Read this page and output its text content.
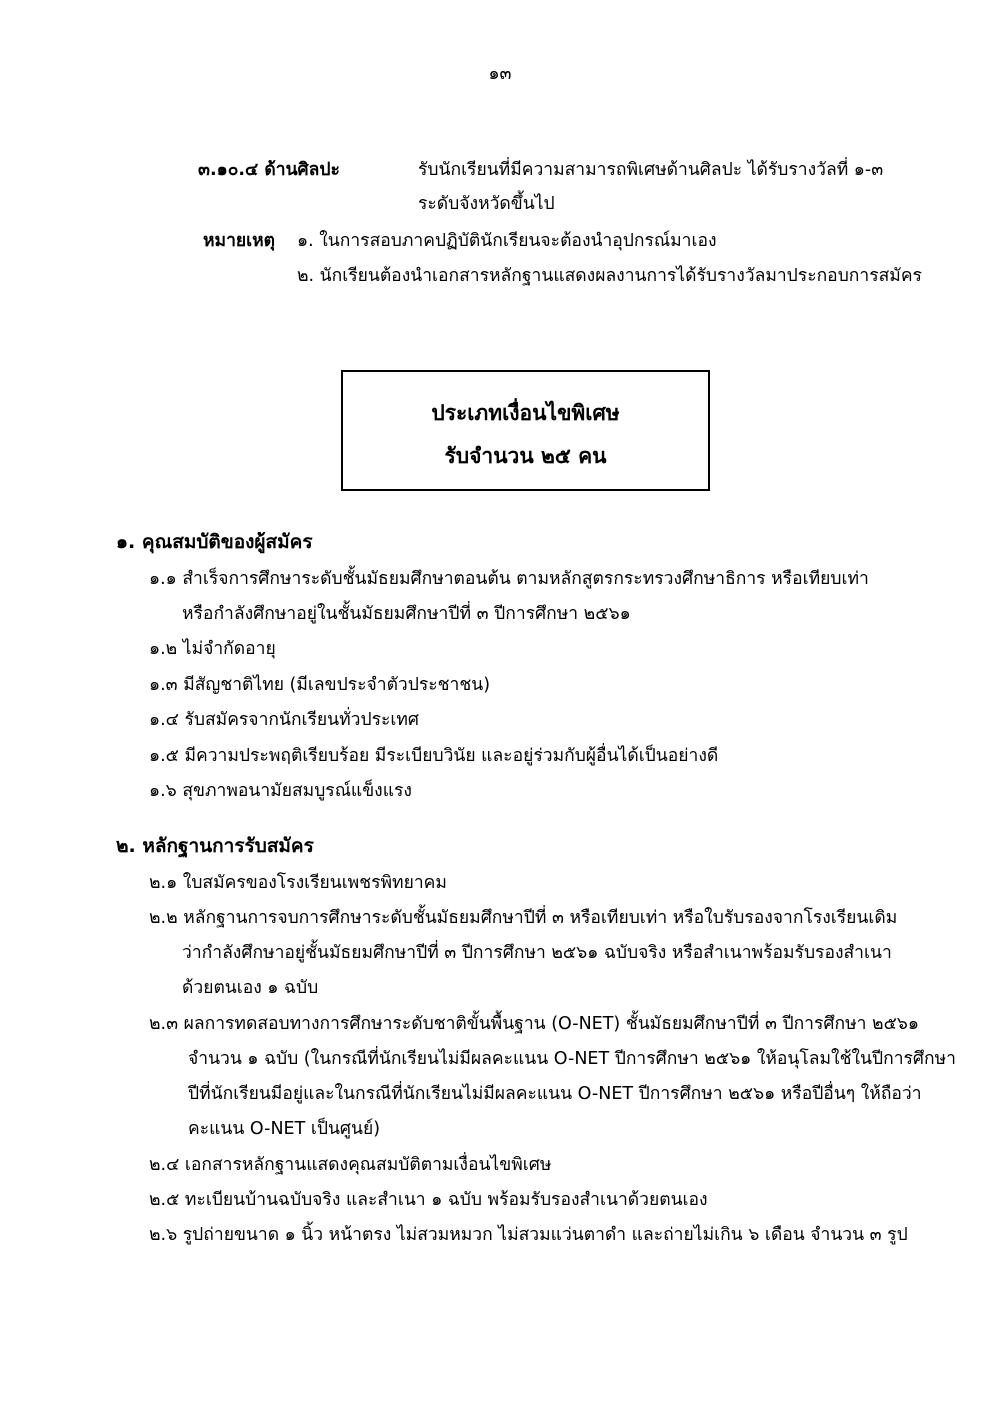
๑๓
๓.๑๐.๔ ด้านศิลปะ	รับนักเรียนที่มีความสามารถพิเศษด้านศิลปะ ได้รับรางวัลที่ ๑-๓
ระดับจังหวัดขึ้นไป
หมายเหตุ ๑. ในการสอบภาคปฏิบัตินักเรียนจะต้องนำอุปกรณ์มาเอง
๒. นักเรียนต้องนำเอกสารหลักฐานแสดงผลงานการได้รับรางวัลมาประกอบการสมัคร
ประเภทเงื่อนไขพิเศษ
รับจำนวน ๒๕ คน
๑. คุณสมบัติของผู้สมัคร
๑.๑ สำเร็จการศึกษาระดับชั้นมัธยมศึกษาตอนต้น ตามหลักสูตรกระทรวงศึกษาธิการ หรือเทียบเท่า
หรือกำลังศึกษาอยู่ในชั้นมัธยมศึกษาปีที่ ๓ ปีการศึกษา ๒๕๖๑
๑.๒ ไม่จำกัดอายุ
๑.๓ มีสัญชาติไทย (มีเลขประจำตัวประชาชน)
๑.๔ รับสมัครจากนักเรียนทั่วประเทศ
๑.๕ มีความประพฤติเรียบร้อย มีระเบียบวินัย และอยู่ร่วมกับผู้อื่นได้เป็นอย่างดี
๑.๖ สุขภาพอนามัยสมบูรณ์แข็งแรง
๒. หลักฐานการรับสมัคร
๒.๑ ใบสมัครของโรงเรียนเพชรพิทยาคม
๒.๒ หลักฐานการจบการศึกษาระดับชั้นมัธยมศึกษาปีที่ ๓ หรือเทียบเท่า หรือใบรับรองจากโรงเรียนเดิม
ว่ากำลังศึกษาอยู่ชั้นมัธยมศึกษาปีที่ ๓ ปีการศึกษา ๒๕๖๑ ฉบับจริง หรือสำเนาพร้อมรับรองสำเนา
ด้วยตนเอง ๑ ฉบับ
๒.๓ ผลการทดสอบทางการศึกษาระดับชาติขั้นพื้นฐาน (O-NET) ชั้นมัธยมศึกษาปีที่ ๓ ปีการศึกษา ๒๕๖๑
จำนวน ๑ ฉบับ (ในกรณีที่นักเรียนไม่มีผลคะแนน O-NET ปีการศึกษา ๒๕๖๑ ให้อนุโลมใช้ในปีการศึกษา
ปีที่นักเรียนมีอยู่และในกรณีที่นักเรียนไม่มีผลคะแนน O-NET ปีการศึกษา ๒๕๖๑ หรือปีอื่นๆ ให้ถือว่า
คะแนน O-NET เป็นศูนย์)
๒.๔ เอกสารหลักฐานแสดงคุณสมบัติตามเงื่อนไขพิเศษ
๒.๕ ทะเบียนบ้านฉบับจริง และสำเนา ๑ ฉบับ พร้อมรับรองสำเนาด้วยตนเอง
๒.๖ รูปถ่ายขนาด ๑ นิ้ว หน้าตรง ไม่สวมหมวก ไม่สวมแว่นตาดำ และถ่ายไม่เกิน ๖ เดือน จำนวน ๓ รูป
